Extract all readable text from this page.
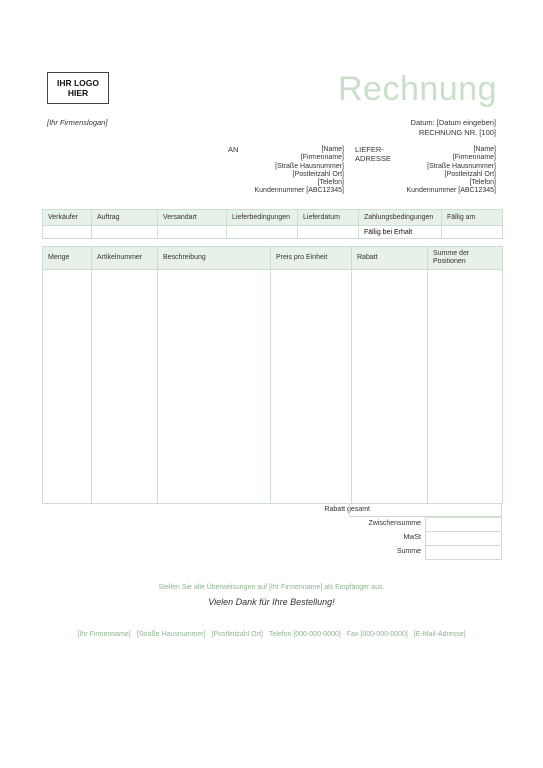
IHR LOGO
HIER	Rechnung
[Ihr Firmenslogan]	Datum: [Datum eingeben]
RECHNUNG NR. [100]
AN	[Name]
[Firmenname]
[Straße Hausnummer]
[Postleitzahl Ort]
[Telefon]
Kundennummer [ABC12345]
LIEFER-
ADRESSE
[Name]
[Firmenname]
[Straße Hausnummer]
[Postleitzahl Ort]
[Telefon]
Kundennummer [ABC12345]
Verkäufer	Auftrag	Versandart	Lieferbedingungen	Lieferdatum	Zahlungsbedingungen	Fällig am
					Fällig bei Erhalt	
Menge	Artikelnummer	Beschreibung	Preis pro Einheit	Rabatt	Summe der Positionen

Rabatt gesamt
Zwischensumme
MwSt
Summe
Stellen Sie alle Überweisungen auf [Ihr Firmenname] als Empfänger aus.
Vielen Dank für Ihre Bestellung!
[Ihr Firmenname] [Straße Hausnummer] [Postleitzahl Ort] Telefon [000-000-0000] Fax [000-000-0000] [E-Mail-Adresse]
